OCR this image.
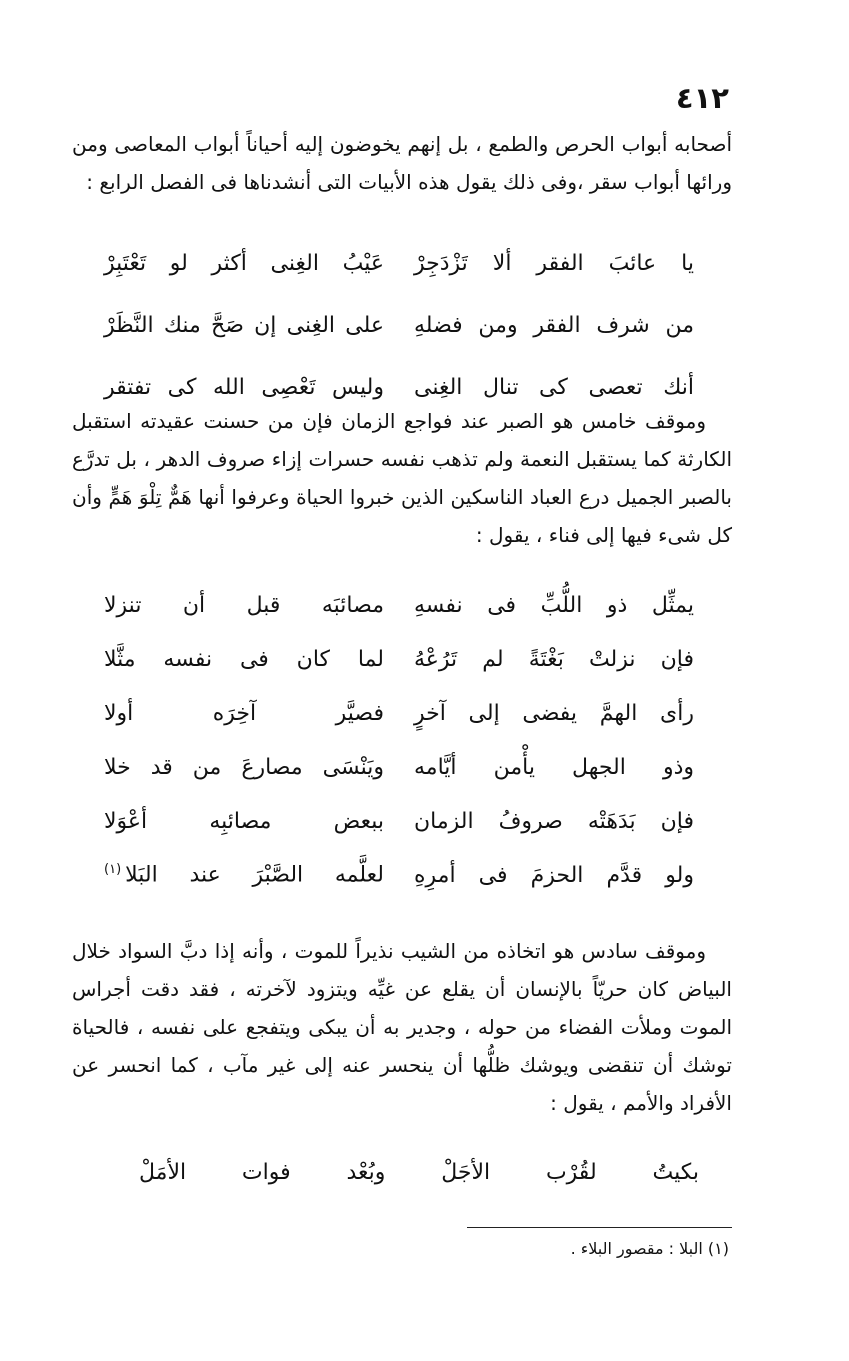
٤١٢

أصحابه أبواب الحرص والطمع ، بل إنهم يخوضون إليه أحياناً أبواب المعاصى ومن ورائها أبواب سقر ،وفى ذلك يقول هذه الأبيات التى أنشدناها فى الفصل الرابع :

يا عائبَ الفقر ألا تَزْدَجِرْ
عَيْبُ الغِنى أكثر لو تَعْتَبِرْ
من شرف الفقر ومن فضلهِ
على الغِنى إن صَحَّ منك النَّظَرْ
أنك تعصى كى تنال الغِنى
وليس تَعْصِى الله كى تفتقر

وموقف خامس هو الصبر عند فواجع الزمان فإن من حسنت عقيدته استقبل الكارثة كما يستقبل النعمة ولم تذهب نفسه حسرات إزاء صروف الدهر ، بل تدرَّع بالصبر الجميل درع العباد الناسكين الذين خبروا الحياة وعرفوا أنها هَمٌّ تِلْوَ هَمٍّ وأن كل شىء فيها إلى فناء ، يقول :

يمثِّل ذو اللُّبِّ فى نفسهِ
مصائبَه قبل أن تنزلا
فإن نزلتْ بَغْتَةً لم تَرُعْهُ
لما كان فى نفسه مثَّلا
رأى الهمَّ يفضى إلى آخرٍ
فصيَّر آخِرَه أولا
وذو الجهل يأْمن أيَّامه
ويَنْسَى مصارعَ من قد خلا
فإن بَدَهَتْه صروفُ الزمان
ببعض مصائبِه أعْوَلا
ولو قدَّم الحزمَ فى أمرِهِ
لعلَّمه الصَّبْرَ عند البَلا$^{(١)}$

وموقف سادس هو اتخاذه من الشيب نذيراً للموت ، وأنه إذا دبَّ السواد خلال البياض كان حريّاً بالإنسان أن يقلع عن غيِّه ويتزود لآخرته ، فقد دقت أجراس الموت وملأت الفضاء من حوله ، وجدير به أن يبكى ويتفجع على نفسه ، فالحياة توشك أن تنقضى ويوشك ظلُّها أن ينحسر عنه إلى غير مآب ، كما انحسر عن الأفراد والأمم ، يقول :

بكيتُ لقُرْب الأجَلْ وبُعْد فوات الأمَلْ
(١) البلا : مقصور البلاء .
